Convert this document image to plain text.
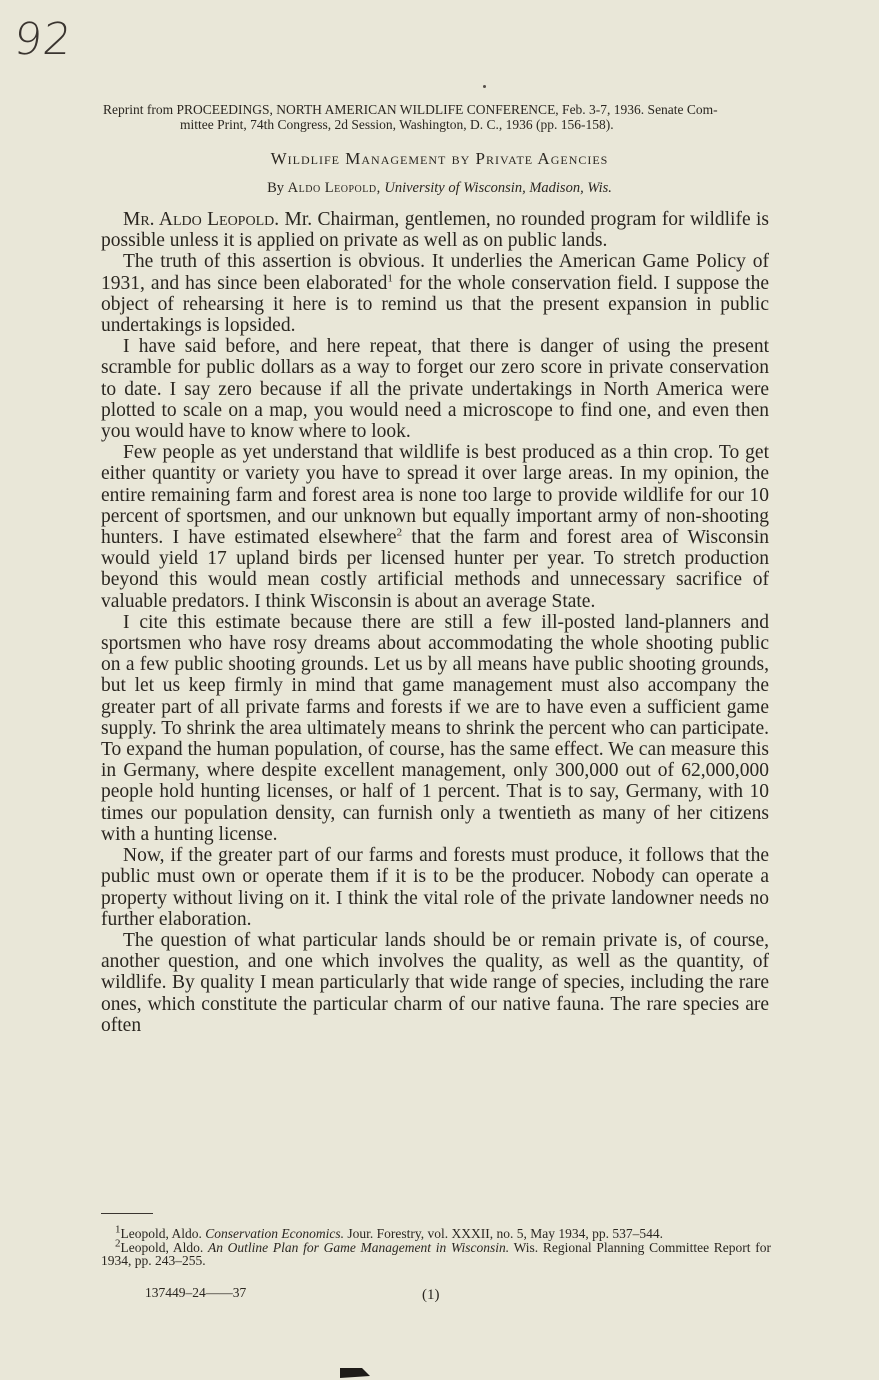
92
Reprint from PROCEEDINGS, NORTH AMERICAN WILDLIFE CONFERENCE, Feb. 3-7, 1936. Senate Com-
mittee Print, 74th Congress, 2d Session, Washington, D. C., 1936 (pp. 156-158).
Wildlife Management by Private Agencies
By Aldo Leopold, University of Wisconsin, Madison, Wis.

Mr. Aldo Leopold. Mr. Chairman, gentlemen, no rounded program for wildlife is possible unless it is applied on private as well as on public lands.

The truth of this assertion is obvious. It underlies the American Game Policy of 1931, and has since been elaborated$^1$ for the whole conservation field. I suppose the object of rehearsing it here is to remind us that the present expansion in public undertakings is lopsided.

I have said before, and here repeat, that there is danger of using the present scramble for public dollars as a way to forget our zero score in private conservation to date. I say zero because if all the private undertakings in North America were plotted to scale on a map, you would need a microscope to find one, and even then you would have to know where to look.

Few people as yet understand that wildlife is best produced as a thin crop. To get either quantity or variety you have to spread it over large areas. In my opinion, the entire remaining farm and forest area is none too large to provide wildlife for our 10 percent of sportsmen, and our unknown but equally important army of non-shooting hunters. I have estimated elsewhere$^2$ that the farm and forest area of Wisconsin would yield 17 upland birds per licensed hunter per year. To stretch production beyond this would mean costly artificial methods and unnecessary sacrifice of valuable predators. I think Wisconsin is about an average State.

I cite this estimate because there are still a few ill-posted land-planners and sportsmen who have rosy dreams about accommodating the whole shooting public on a few public shooting grounds. Let us by all means have public shooting grounds, but let us keep firmly in mind that game management must also accompany the greater part of all private farms and forests if we are to have even a sufficient game supply. To shrink the area ultimately means to shrink the percent who can participate. To expand the human population, of course, has the same effect. We can measure this in Germany, where despite excellent management, only 300,000 out of 62,000,000 people hold hunting licenses, or half of 1 percent. That is to say, Germany, with 10 times our population density, can furnish only a twentieth as many of her citizens with a hunting license.

Now, if the greater part of our farms and forests must produce, it follows that the public must own or operate them if it is to be the producer. Nobody can operate a property without living on it. I think the vital role of the private landowner needs no further elaboration.

The question of what particular lands should be or remain private is, of course, another question, and one which involves the quality, as well as the quantity, of wildlife. By quality I mean particularly that wide range of species, including the rare ones, which constitute the particular charm of our native fauna. The rare species are often

$^1$Leopold, Aldo. Conservation Economics. Jour. Forestry, vol. XXXII, no. 5, May 1934, pp. 537–544.

$^2$Leopold, Aldo. An Outline Plan for Game Management in Wisconsin. Wis. Regional Planning Committee Report for 1934, pp. 243–255.

137449–24——37	(1)
